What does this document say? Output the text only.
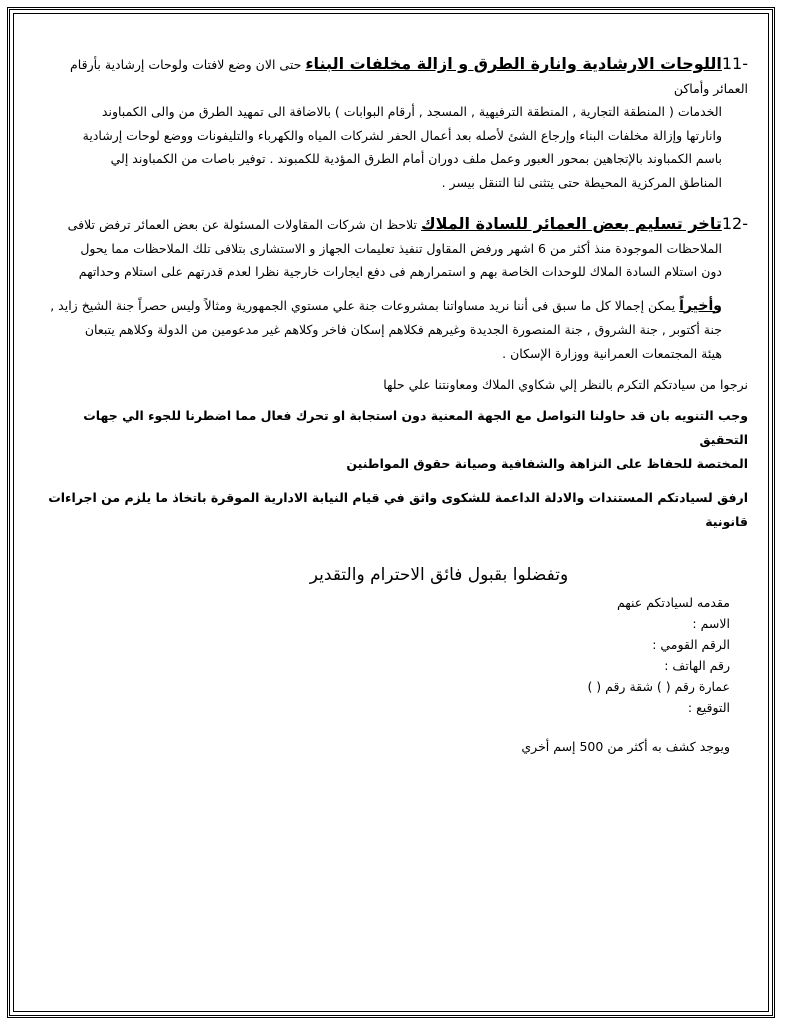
-11اللوحات الارشادية وانارة الطرق و ازالة مخلفات البناء حتى الان وضع لافتات ولوحات إرشادية بأرقام العمائر وأماكن

الخدمات ( المنطقة التجارية , المنطقة الترفيهية , المسجد , أرقام البوابات ) بالاضافة الى تمهيد الطرق من والى الكمباوند

وانارتها وإزالة مخلفات البناء وإرجاع الشئ لأصله بعد أعمال الحفر لشركات المياه والكهرباء والتليفونات ووضع لوحات إرشادية

باسم الكمباوند بالإتجاهين بمحور العبور وعمل ملف دوران أمام الطرق المؤدية للكمبوند . توفير باصات من الكمباوند إلي

المناطق المركزية المحيطة حتى يتثنى لنا التنقل بيسر .

-12تاخر تسليم بعض العمائر للسادة الملاك تلاحظ ان شركات المقاولات المسئولة عن بعض العمائر ترفض تلافى

الملاحظات الموجودة منذ أكثر من 6 اشهر ورفض المقاول تنفيذ تعليمات الجهاز و الاستشارى بتلافى تلك الملاحظات مما يحول

دون استلام السادة الملاك للوحدات الخاصة بهم و استمرارهم فى دفع ايجارات خارجية نظرا لعدم قدرتهم على استلام وحداتهم

وأخيراً يمكن إجمالا كل ما سبق فى أننا نريد مساواتنا بمشروعات جنة علي مستوي الجمهورية ومثالاً وليس حصراً جنة الشيخ زايد ,

جنة أكتوبر , جنة الشروق , جنة المنصورة الجديدة وغيرهم فكلاهم إسكان فاخر وكلاهم غير مدعومين من الدولة وكلاهم يتبعان

هيئة المجتمعات العمرانية ووزارة الإسكان .

نرجوا من سيادتكم التكرم بالنظر إلي شكاوي الملاك ومعاونتنا علي حلها

وجب التنويه بان قد حاولنا التواصل مع الجهة المعنية دون استجابة او تحرك فعال مما اضطرنا للجوء الي جهات التحقيق

المختصة للحفاظ على النزاهة والشفافية وصيانة حقوق المواطنين

ارفق لسيادتكم المستندات والادلة الداعمة للشكوى واثق في قيام النيابة الادارية الموقرة باتخاذ ما يلزم من اجراءات قانونية

وتفضلوا بقبول فائق الاحترام والتقدير

مقدمه لسيادتكم عنهم

الاسم :

الرقم القومي :

رقم الهاتف :

عمارة رقم ( ) شقة رقم ( )

التوقيع :

ويوجد كشف به أكثر من 500 إسم أخري
